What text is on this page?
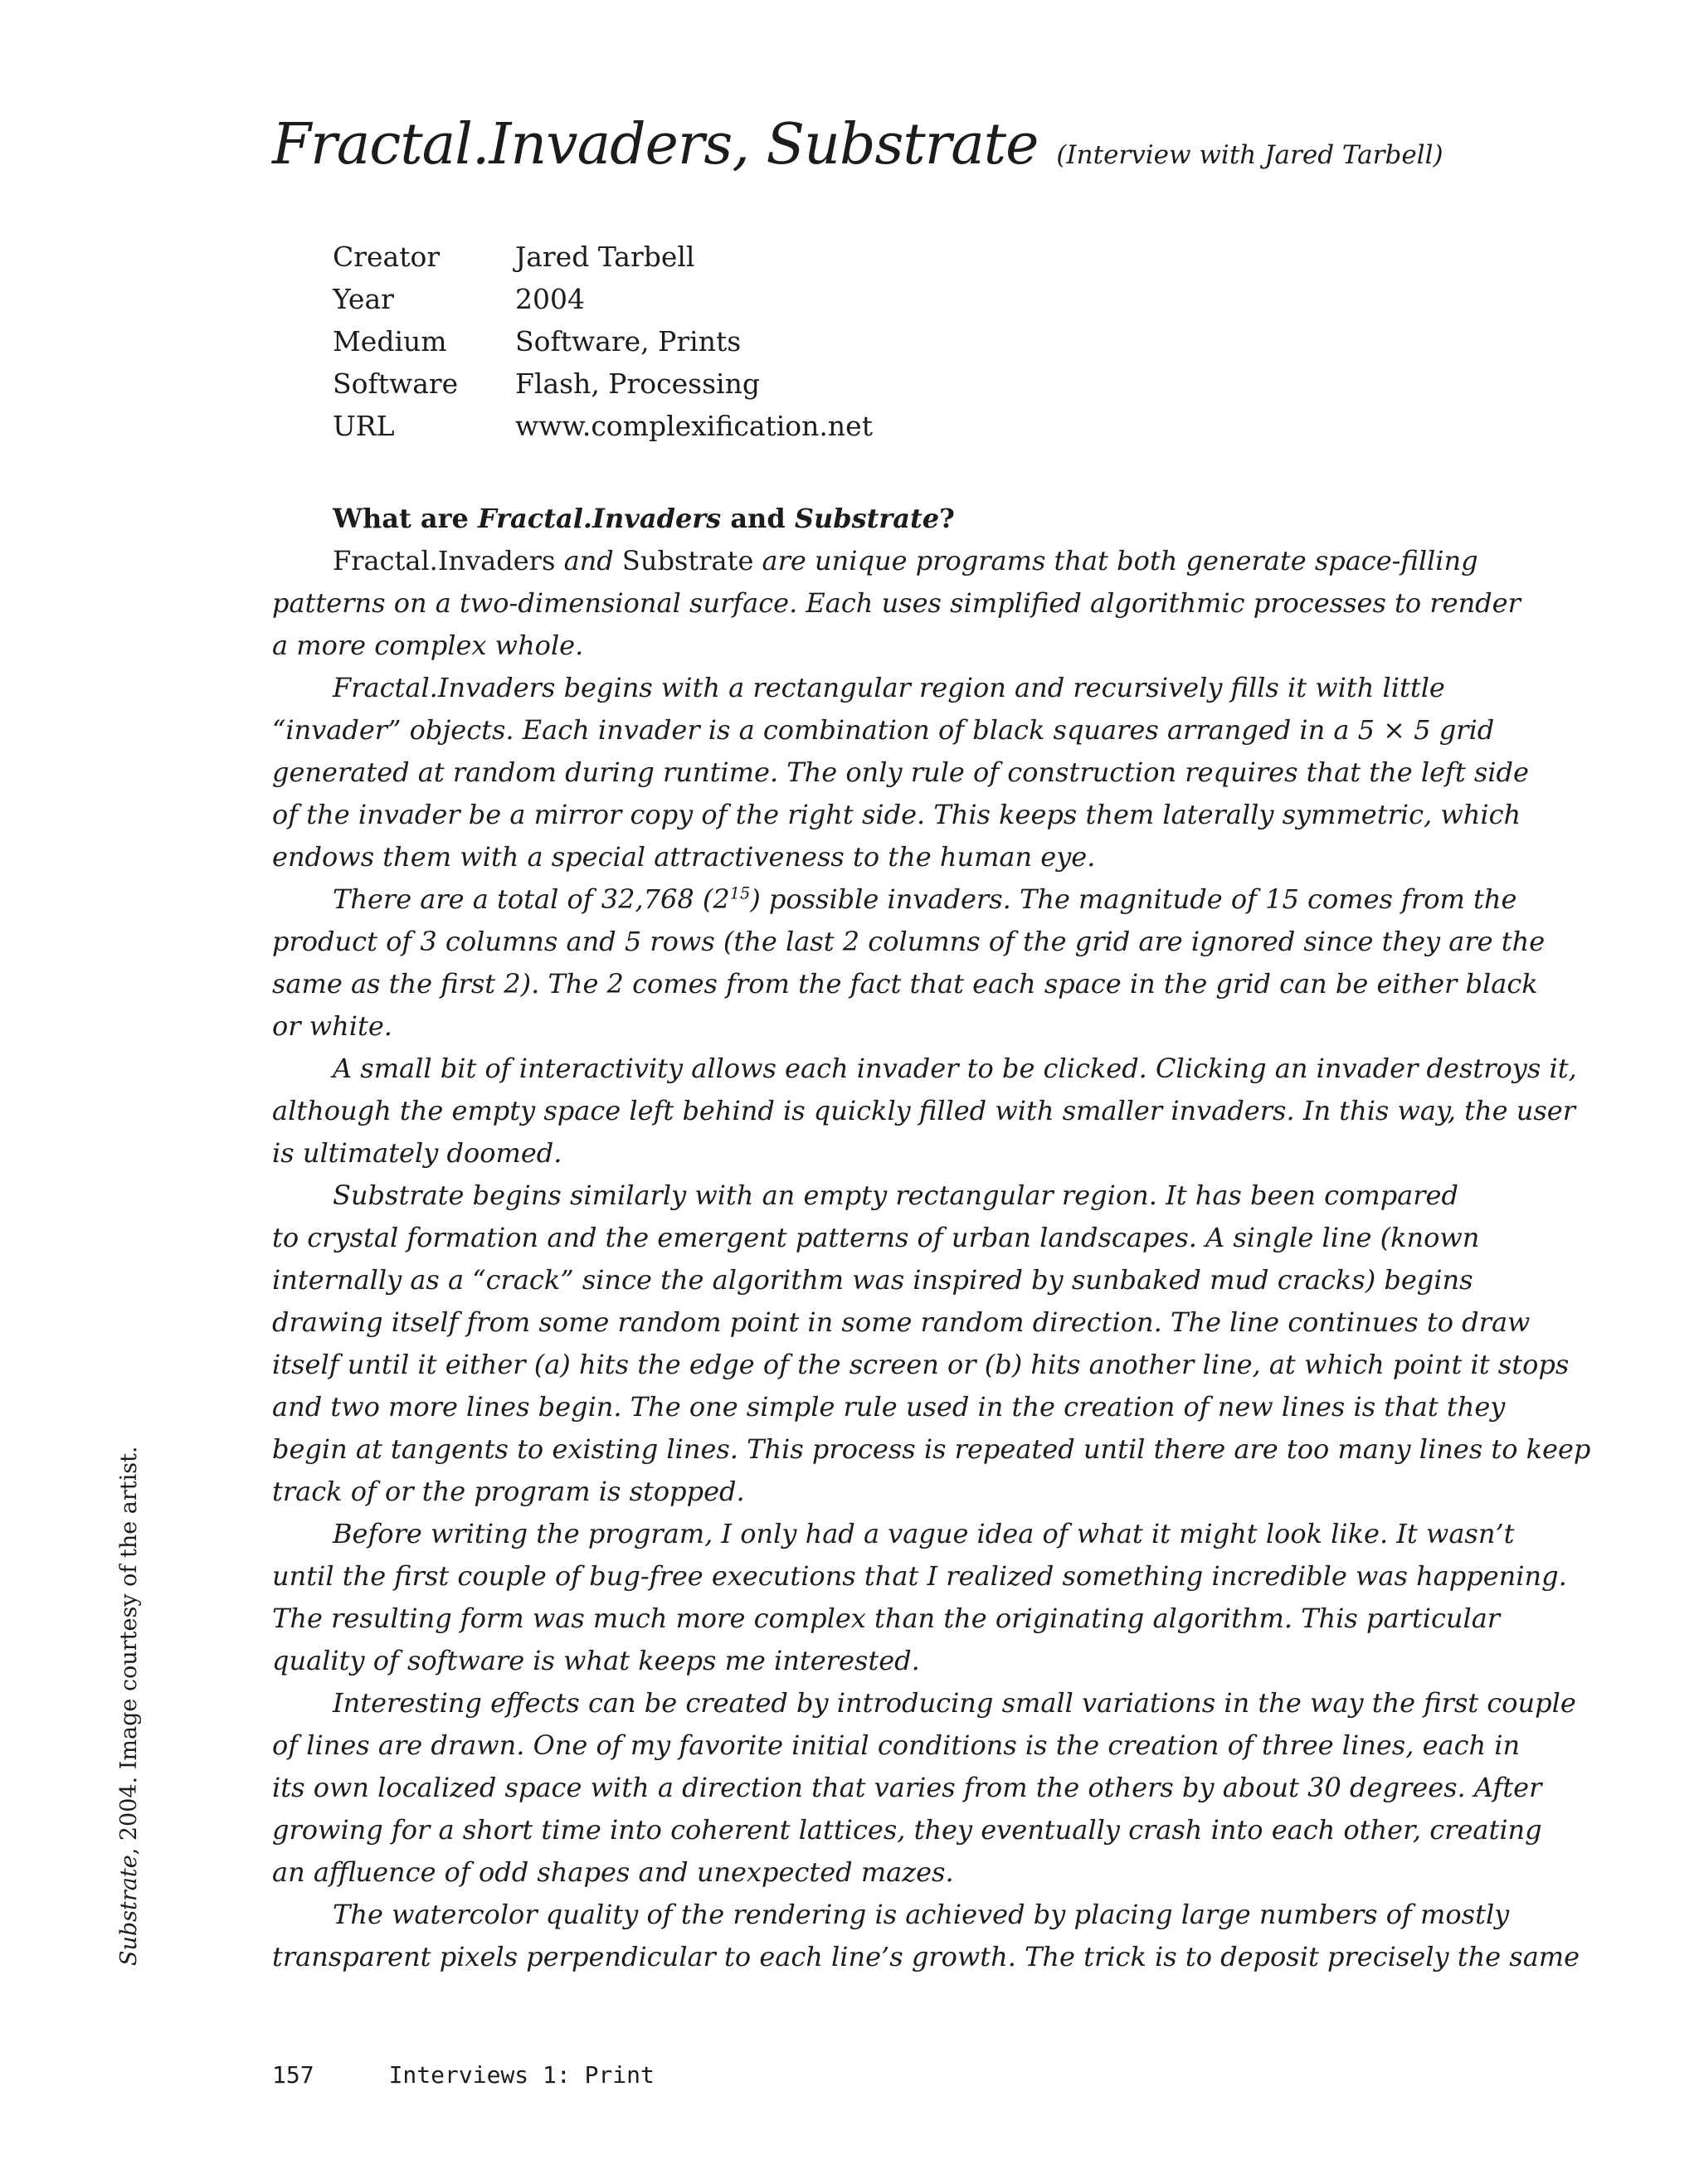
Fractal.Invaders, Substrate (Interview with Jared Tarbell)
Creator	Jared Tarbell
Year	2004
Medium	Software, Prints
Software	Flash, Processing
URL	www.complexification.net
What are Fractal.Invaders and Substrate?
Fractal.Invaders and Substrate are unique programs that both generate space-filling
patterns on a two-dimensional surface. Each uses simplified algorithmic processes to render
a more complex whole.
Fractal.Invaders begins with a rectangular region and recursively fills it with little
“invader” objects. Each invader is a combination of black squares arranged in a 5 × 5 grid
generated at random during runtime. The only rule of construction requires that the left side
of the invader be a mirror copy of the right side. This keeps them laterally symmetric, which
endows them with a special attractiveness to the human eye.
There are a total of 32,768 $(2^{15})$ possible invaders. The magnitude of 15 comes from the
product of 3 columns and 5 rows (the last 2 columns of the grid are ignored since they are the
same as the first 2). The 2 comes from the fact that each space in the grid can be either black
or white.
A small bit of interactivity allows each invader to be clicked. Clicking an invader destroys it,
although the empty space left behind is quickly filled with smaller invaders. In this way, the user
is ultimately doomed.
Substrate begins similarly with an empty rectangular region. It has been compared
to crystal formation and the emergent patterns of urban landscapes. A single line (known
internally as a “crack” since the algorithm was inspired by sunbaked mud cracks) begins
drawing itself from some random point in some random direction. The line continues to draw
itself until it either (a) hits the edge of the screen or (b) hits another line, at which point it stops
and two more lines begin. The one simple rule used in the creation of new lines is that they
begin at tangents to existing lines. This process is repeated until there are too many lines to keep
track of or the program is stopped.
Before writing the program, I only had a vague idea of what it might look like. It wasn’t
until the first couple of bug-free executions that I realized something incredible was happening.
The resulting form was much more complex than the originating algorithm. This particular
quality of software is what keeps me interested.
Interesting effects can be created by introducing small variations in the way the first couple
of lines are drawn. One of my favorite initial conditions is the creation of three lines, each in
its own localized space with a direction that varies from the others by about 30 degrees. After
growing for a short time into coherent lattices, they eventually crash into each other, creating
an affluence of odd shapes and unexpected mazes.
The watercolor quality of the rendering is achieved by placing large numbers of mostly
transparent pixels perpendicular to each line’s growth. The trick is to deposit precisely the same
Substrate, 2004. Image courtesy of the artist.
157	Interviews 1: Print
